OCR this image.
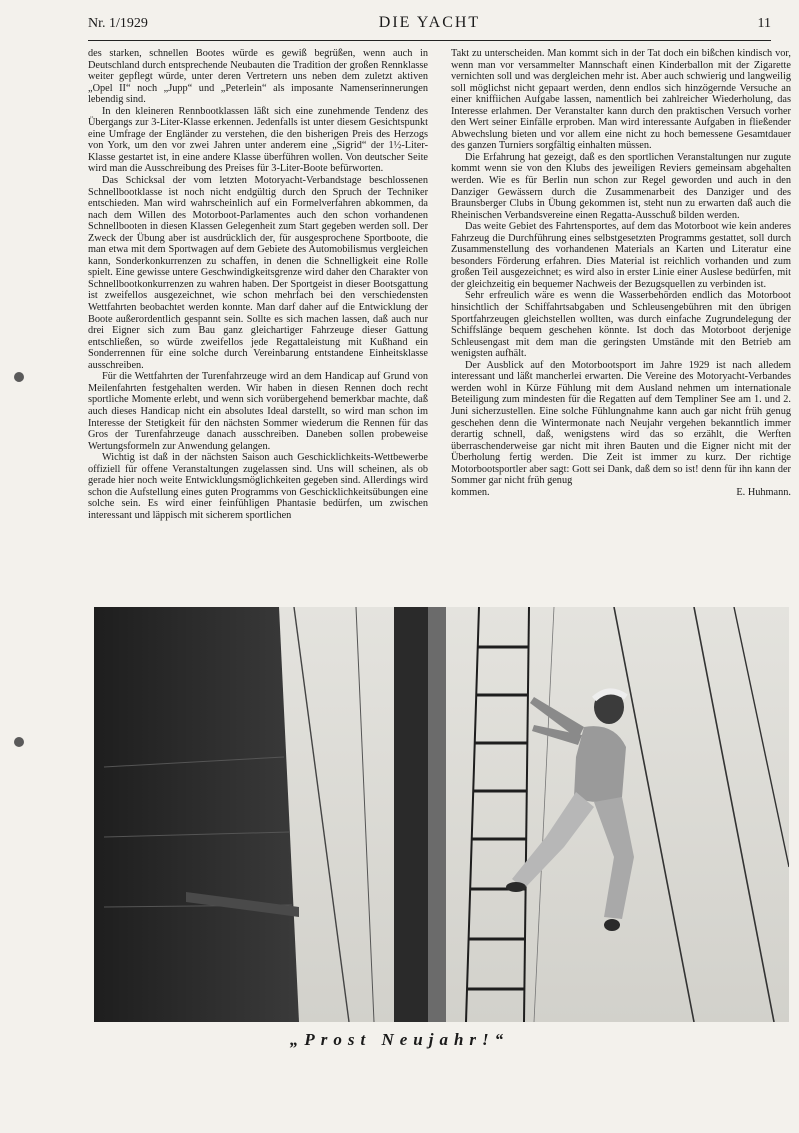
Nr. 1/1929	DIE YACHT	11

des starken, schnellen Bootes würde es gewiß begrüßen, wenn auch in Deutschland durch entsprechende Neubauten die Tradition der großen Rennklasse weiter gepflegt würde, unter deren Vertretern uns neben dem zuletzt aktiven „Opel II“ noch „Jupp“ und „Peterlein“ als imposante Namenserinnerungen lebendig sind.

In den kleineren Rennbootklassen läßt sich eine zunehmende Tendenz des Übergangs zur 3-Liter-Klasse erkennen. Jedenfalls ist unter diesem Gesichtspunkt eine Umfrage der Engländer zu verstehen, die den bisherigen Preis des Herzogs von York, um den vor zwei Jahren unter anderem eine „Sigrid“ der 1½-Liter-Klasse gestartet ist, in eine andere Klasse überführen wollen. Von deutscher Seite wird man die Ausschreibung des Preises für 3-Liter-Boote befürworten.

Das Schicksal der vom letzten Motoryacht-Verbandstage beschlossenen Schnellbootklasse ist noch nicht endgültig durch den Spruch der Techniker entschieden. Man wird wahrscheinlich auf ein Formelverfahren abkommen, da nach dem Willen des Motorboot-Parlamentes auch den schon vorhandenen Schnellbooten in diesen Klassen Gelegenheit zum Start gegeben werden soll. Der Zweck der Übung aber ist ausdrücklich der, für ausgesprochene Sportboote, die man etwa mit dem Sportwagen auf dem Gebiete des Automobilismus vergleichen kann, Sonderkonkurrenzen zu schaffen, in denen die Schnelligkeit eine Rolle spielt. Eine gewisse untere Geschwindigkeitsgrenze wird daher den Charakter von Schnellbootkonkurrenzen zu wahren haben. Der Sportgeist in dieser Bootsgattung ist zweifellos ausgezeichnet, wie schon mehrfach bei den verschiedensten Wettfahrten beobachtet werden konnte. Man darf daher auf die Entwicklung der Boote außerordentlich gespannt sein. Sollte es sich machen lassen, daß auch nur drei Eigner sich zum Bau ganz gleichartiger Fahrzeuge dieser Gattung entschließen, so würde zweifellos jede Regattaleistung mit Kußhand ein Sonderrennen für eine solche durch Vereinbarung entstandene Einheitsklasse ausschreiben.

Für die Wettfahrten der Turenfahrzeuge wird an dem Handicap auf Grund von Meilenfahrten festgehalten werden. Wir haben in diesen Rennen doch recht sportliche Momente erlebt, und wenn sich vorübergehend bemerkbar machte, daß auch dieses Handicap nicht ein absolutes Ideal darstellt, so wird man schon im Interesse der Stetigkeit für den nächsten Sommer wiederum die Rennen für das Gros der Turenfahrzeuge danach ausschreiben. Daneben sollen probeweise Wertungsformeln zur Anwendung gelangen.

Wichtig ist daß in der nächsten Saison auch Geschicklichkeits-Wettbewerbe offiziell für offene Veranstaltungen zugelassen sind. Uns will scheinen, als ob gerade hier noch weite Entwicklungsmöglichkeiten gegeben sind. Allerdings wird schon die Aufstellung eines guten Programms von Geschicklichkeitsübungen eine solche sein. Es wird einer feinfühligen Phantasie bedürfen, um zwischen interessant und läppisch mit sicherem sportlichen

Takt zu unterscheiden. Man kommt sich in der Tat doch ein bißchen kindisch vor, wenn man vor versammelter Mannschaft einen Kinderballon mit der Zigarette vernichten soll und was dergleichen mehr ist. Aber auch schwierig und langweilig soll möglichst nicht gepaart werden, denn endlos sich hinzögernde Versuche an einer kniffiichen Aufgabe lassen, namentlich bei zahlreicher Wiederholung, das Interesse erlahmen. Der Veranstalter kann durch den praktischen Versuch vorher den Wert seiner Einfälle erproben. Man wird interessante Aufgaben in fließender Abwechslung bieten und vor allem eine nicht zu hoch bemessene Gesamtdauer des ganzen Turniers sorgfältig einhalten müssen.

Die Erfahrung hat gezeigt, daß es den sportlichen Veranstaltungen nur zugute kommt wenn sie von den Klubs des jeweiligen Reviers gemeinsam abgehalten werden. Wie es für Berlin nun schon zur Regel geworden und auch in den Danziger Gewässern durch die Zusammenarbeit des Danziger und des Braunsberger Clubs in Übung gekommen ist, steht nun zu erwarten daß auch die Rheinischen Verbandsvereine einen Regatta-Ausschuß bilden werden.

Das weite Gebiet des Fahrtensportes, auf dem das Motorboot wie kein anderes Fahrzeug die Durchführung eines selbstgesetzten Programms gestattet, soll durch Zusammenstellung des vorhandenen Materials an Karten und Literatur eine besonders Förderung erfahren. Dies Material ist reichlich vorhanden und zum großen Teil ausgezeichnet; es wird also in erster Linie einer Auslese bedürfen, mit der gleichzeitig ein bequemer Nachweis der Bezugsquellen zu verbinden ist.

Sehr erfreulich wäre es wenn die Wasserbehörden endlich das Motorboot hinsichtlich der Schiffahrtsabgaben und Schleusengebühren mit den übrigen Sportfahrzeugen gleichstellen wollten, was durch einfache Zugrundelegung der Schiffslänge bequem geschehen könnte. Ist doch das Motorboot derjenige Schleusengast mit dem man die geringsten Umstände mit den Betrieb am wenigsten aufhält.

Der Ausblick auf den Motorbootsport im Jahre 1929 ist nach alledem interessant und läßt mancherlei erwarten. Die Vereine des Motoryacht-Verbandes werden wohl in Kürze Fühlung mit dem Ausland nehmen um internationale Beteiligung zum mindesten für die Regatten auf dem Templiner See am 1. und 2. Juni sicherzustellen. Eine solche Fühlungnahme kann auch gar nicht früh genug geschehen denn die Wintermonate nach Neujahr vergehen bekanntlich immer derartig schnell, daß, wenigstens wird das so erzählt, die Werften überraschenderweise gar nicht mit ihren Bauten und die Eigner nicht mit der Überholung fertig werden. Die Zeit ist immer zu kurz. Der richtige Motorbootsportler aber sagt: Gott sei Dank, daß dem so ist! denn für ihn kann der Sommer gar nicht früh genug

kommen.	E. Huhmann.

„Prost Neujahr!“
